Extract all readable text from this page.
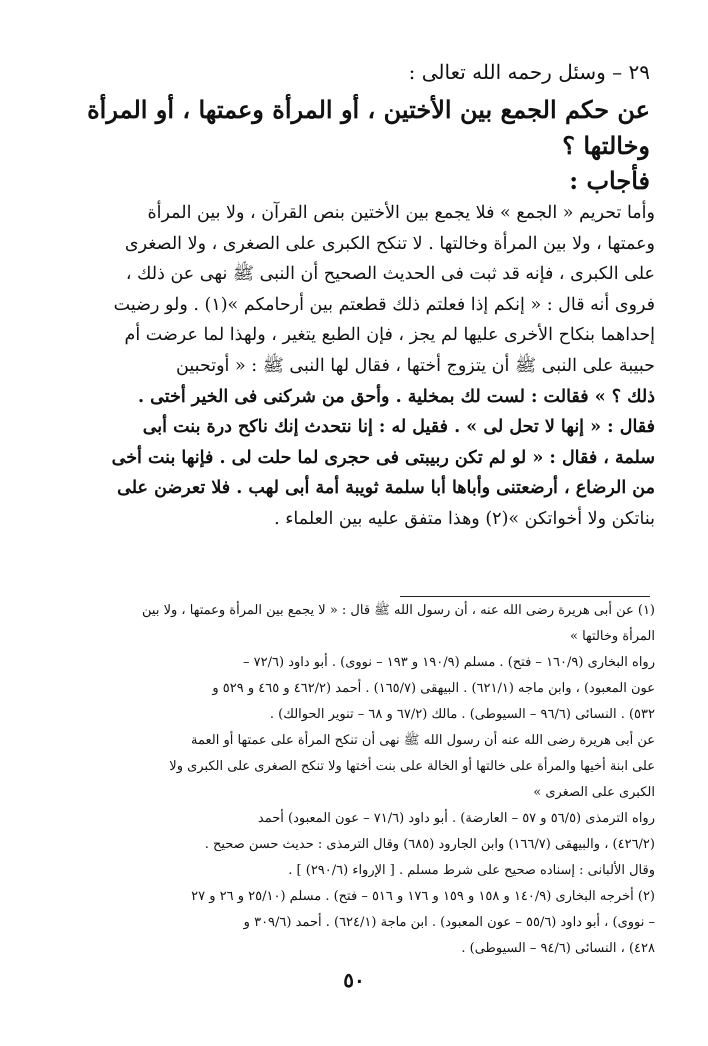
٢٩ – وسئل رحمه الله تعالى :
عن حكم الجمع بين الأختين ، أو المرأة وعمتها ، أو المرأة
وخالتها ؟
فأجاب :
وأما تحريم « الجمع » فلا يجمع بين الأختين بنص القرآن ، ولا بين المرأة
وعمتها ، ولا بين المرأة وخالتها . لا تنكح الكبرى على الصغرى ، ولا الصغرى
على الكبرى ، فإنه قد ثبت فى الحديث الصحيح أن النبى ﷺ نهى عن ذلك ،
فروى أنه قال : « إنكم إذا فعلتم ذلك قطعتم بين أرحامكم »(١) . ولو رضيت
إحداهما بنكاح الأخرى عليها لم يجز ، فإن الطبع يتغير ، ولهذا لما عرضت أم
حبيبة على النبى ﷺ أن يتزوج أختها ، فقال لها النبى ﷺ : « أوتحبين
ذلك ؟ » فقالت : لست لك بمخلية . وأحق من شركنى فى الخير أختى .
فقال : « إنها لا تحل لى » . فقيل له : إنا نتحدث إنك ناكح درة بنت أبى
سلمة ، فقال : « لو لم تكن ربيبتى فى حجرى لما حلت لى . فإنها بنت أخى
من الرضاع ، أرضعتنى وأباها أبا سلمة ثويبة أمة أبى لهب . فلا تعرضن على
بناتكن ولا أخواتكن »(٢) وهذا متفق عليه بين العلماء .
(١) عن أبى هريرة رضى الله عنه ، أن رسول الله ﷺ قال : « لا يجمع بين المرأة وعمتها ، ولا بين
المرأة وخالتها »
رواه البخارى (١٦٠/٩ – فتح) . مسلم (١٩٠/٩ و ١٩٣ – نووى) . أبو داود (٧٢/٦ –
عون المعبود) ، وابن ماجه (٦٢١/١) . البيهقى (١٦٥/٧) . أحمد (٤٦٢/٢ و ٤٦٥ و ٥٢٩ و
٥٣٢) . النسائى (٩٦/٦ – السيوطى) . مالك (٦٧/٢ و ٦٨ – تنوير الحوالك) .
عن أبى هريرة رضى الله عنه أن رسول الله ﷺ نهى أن تنكح المرأة على عمتها أو العمة
على ابنة أخيها والمرأة على خالتها أو الخالة على بنت أختها ولا تنكح الصغرى على الكبرى ولا
الكبرى على الصغرى »
رواه الترمذى (٥٦/٥ و ٥٧ – العارضة) . أبو داود (٧١/٦ – عون المعبود) أحمد
(٤٢٦/٢) ، والبيهقى (١٦٦/٧) وابن الجارود (٦٨٥) وقال الترمذى : حديث حسن صحيح .
وقال الألبانى : إسناده صحيح على شرط مسلم . [ الإرواء (٢٩٠/٦) ] .
(٢) أخرجه البخارى (١٤٠/٩ و ١٥٨ و ١٥٩ و ١٧٦ و ٥١٦ – فتح) . مسلم (٢٥/١٠ و ٢٦ و ٢٧
– نووى) ، أبو داود (٥٥/٦ – عون المعبود) . ابن ماجة (٦٢٤/١) . أحمد (٣٠٩/٦ و
٤٢٨) ، النسائى (٩٤/٦ – السيوطى) .
٥٠
